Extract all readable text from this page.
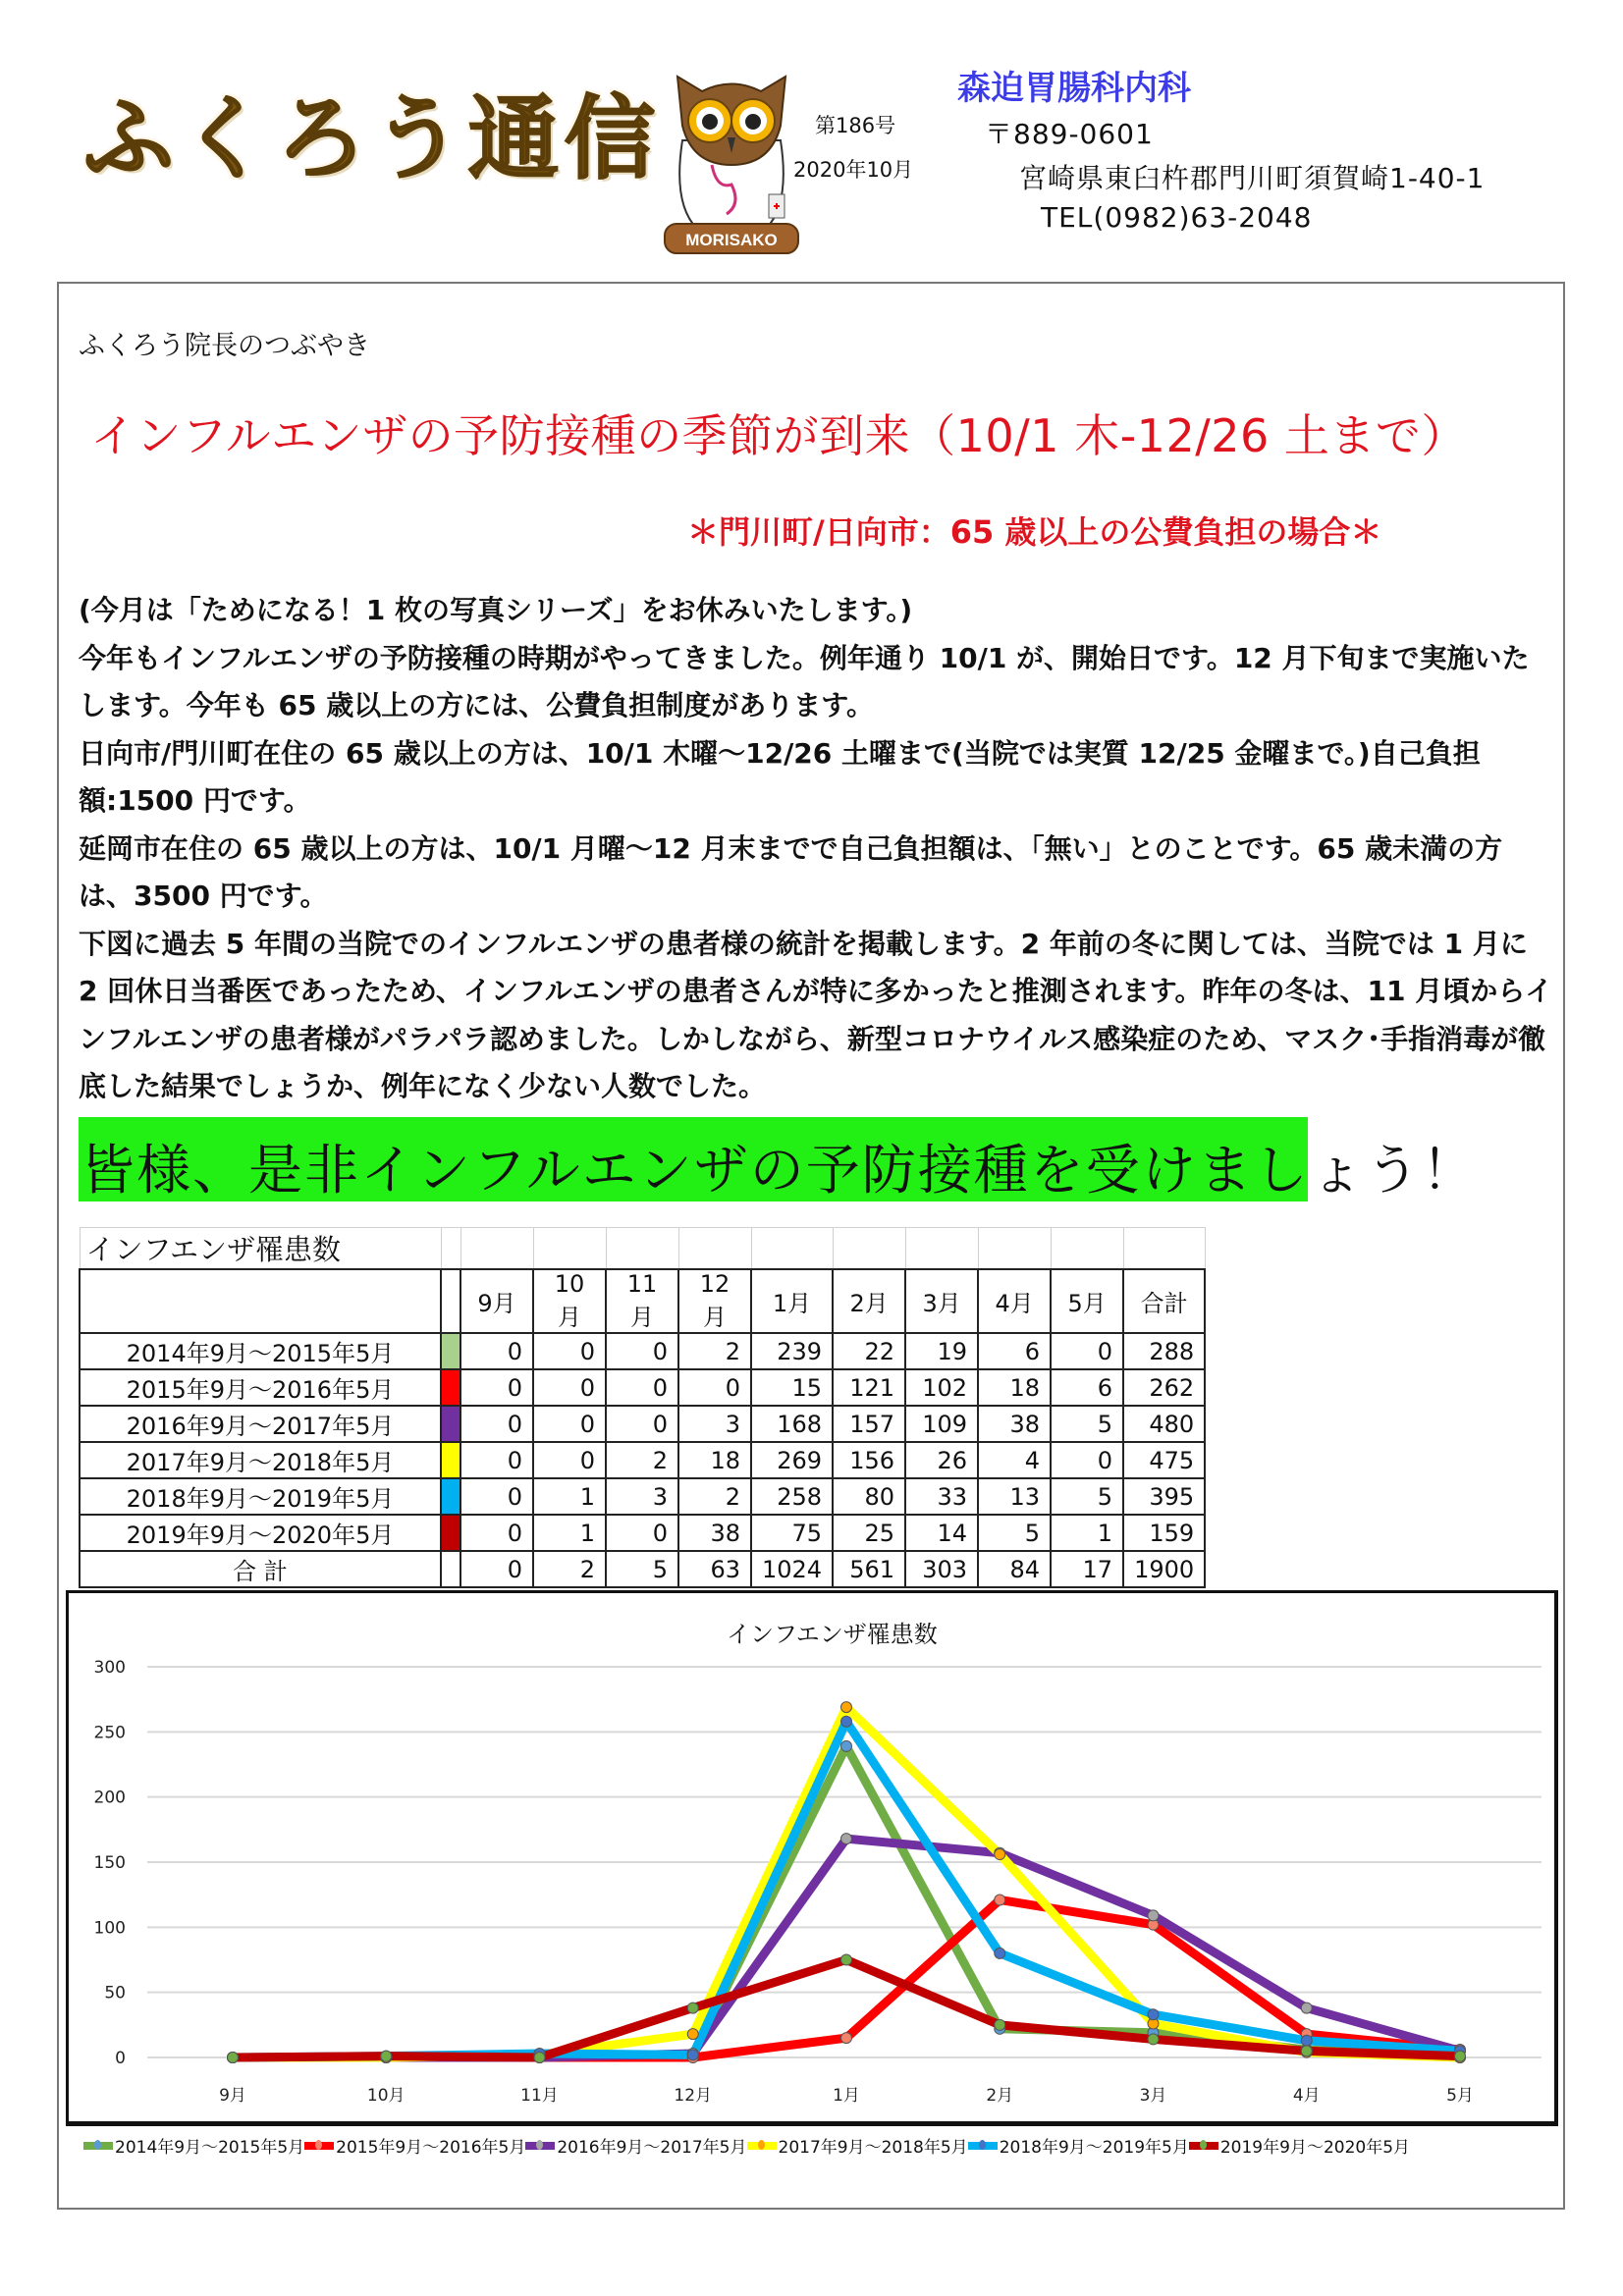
ふくろう通信
MORISAKO
第186号
2020年10月
森迫胃腸科内科
〒889-0601
宮崎県東臼杵郡門川町須賀崎1-40-1
TEL(0982)63-2048
ふくろう院長のつぶやき
インフルエンザの予防接種の季節が到来（10/1 木-12/26 土まで）
＊門川町/日向市：65 歳以上の公費負担の場合＊

(今月は「ためになる！1 枚の写真シリーズ」をお休みいたします。)

今年もインフルエンザの予防接種の時期がやってきました。例年通り 10/1 が、開始日です。12 月下旬まで実施いたします。今年も 65 歳以上の方には、公費負担制度があります。

日向市/門川町在住の 65 歳以上の方は、10/1 木曜～12/26 土曜まで(当院では実質 12/25 金曜まで。)自己負担額:1500 円です。

延岡市在住の 65 歳以上の方は、10/1 月曜～12 月末までで自己負担額は、「無い」とのことです。65 歳未満の方は、3500 円です。

下図に過去 5 年間の当院でのインフルエンザの患者様の統計を掲載します。2 年前の冬に関しては、当院では 1 月に 2 回休日当番医であったため、インフルエンザの患者さんが特に多かったと推測されます。昨年の冬は、11 月頃からインフルエンザの患者様がパラパラ認めました。しかしながら、新型コロナウイルス感染症のため、マスク･手指消毒が徹底した結果でしょうか、例年になく少ない人数でした。

皆様、是非インフルエンザの予防接種を受けましょう！
インフエンザ罹患数											
		9月	10月	11月	12月	1月	2月	3月	4月	5月	合計
2014年9月～2015年5月		0	0	0	2	239	22	19	6	0	288
2015年9月～2016年5月		0	0	0	0	15	121	102	18	6	262
2016年9月～2017年5月		0	0	0	3	168	157	109	38	5	480
2017年9月～2018年5月		0	0	2	18	269	156	26	4	0	475
2018年9月～2019年5月		0	1	3	2	258	80	33	13	5	395
2019年9月～2020年5月		0	1	0	38	75	25	14	5	1	159
合 計		0	2	5	63	1024	561	303	84	17	1900
インフエンザ罹患数
0
50
100
150
200
250
300
9月	10月	11月	12月	1月	2月	3月	4月	5月
2014年9月～2015年5月 2015年9月～2016年5月 2016年9月～2017年5月 2017年9月～2018年5月 2018年9月～2019年5月 2019年9月～2020年5月
